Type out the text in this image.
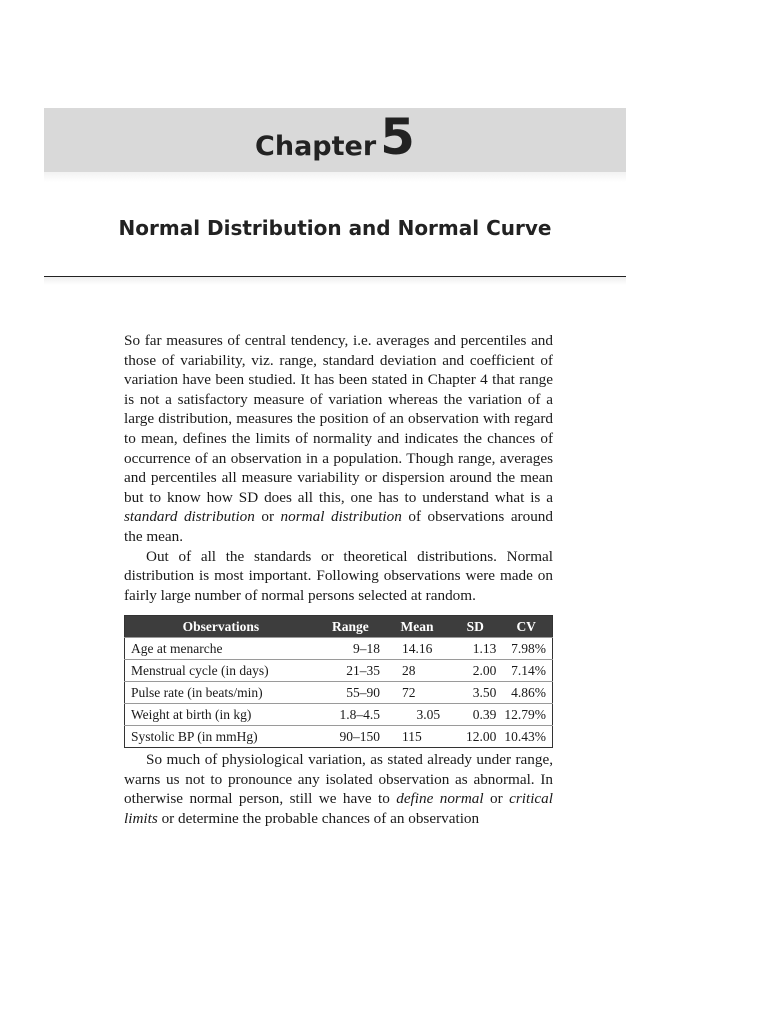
Chapter 5
Normal Distribution and Normal Curve

So far measures of central tendency, i.e. averages and percentiles and those of variability, viz. range, standard deviation and coefficient of variation have been studied. It has been stated in Chapter 4 that range is not a satisfactory measure of variation whereas the variation of a large distribution, measures the position of an observation with regard to mean, defines the limits of normality and indicates the chances of occurrence of an observation in a population. Though range, averages and percentiles all measure variability or dispersion around the mean but to know how SD does all this, one has to understand what is a standard distribution or normal distribution of observations around the mean.

Out of all the standards or theoretical distributions. Normal distribution is most important. Following observations were made on fairly large number of normal persons selected at random.

Observations	Range	Mean	SD	CV
Age at menarche	9–18	14.16	1.13	7.98%
Menstrual cycle (in days)	21–35	28	2.00	7.14%
Pulse rate (in beats/min)	55–90	72	3.50	4.86%
Weight at birth (in kg)	1.8–4.5	3.05	0.39	12.79%
Systolic BP (in mmHg)	90–150	115	12.00	10.43%

So much of physiological variation, as stated already under range, warns us not to pronounce any isolated observation as abnormal. In otherwise normal person, still we have to define normal or critical limits or determine the probable chances of an observation
